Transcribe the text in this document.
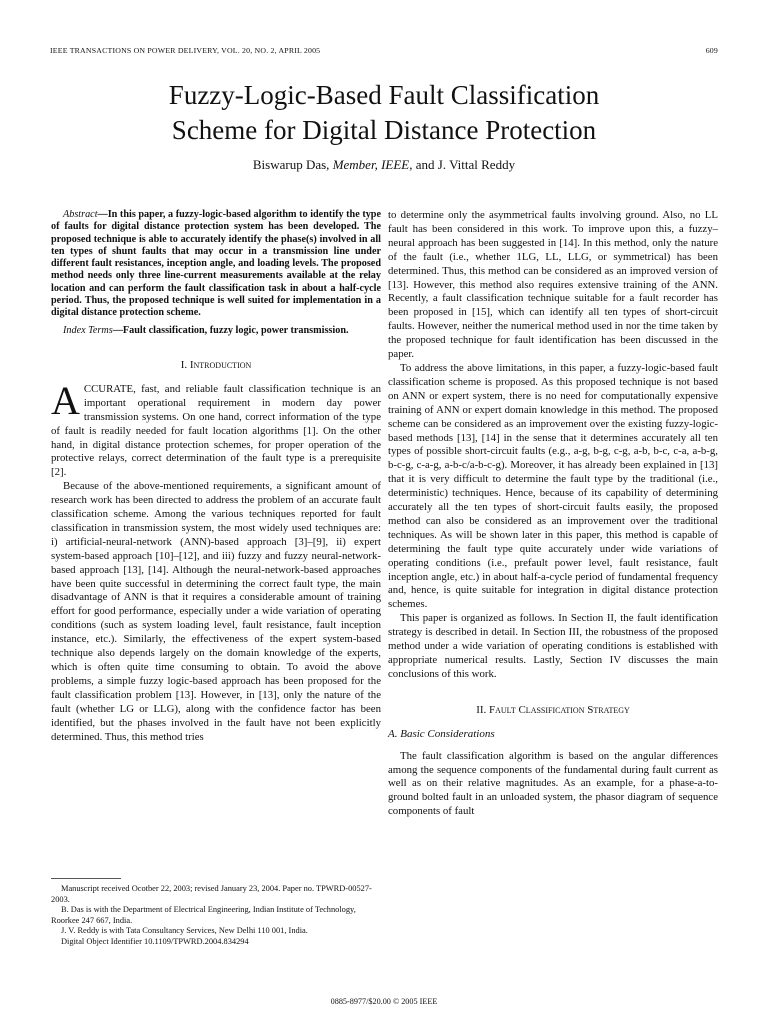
IEEE TRANSACTIONS ON POWER DELIVERY, VOL. 20, NO. 2, APRIL 2005	609
Fuzzy-Logic-Based Fault Classification
Scheme for Digital Distance Protection
Biswarup Das, Member, IEEE, and J. Vittal Reddy

Abstract—In this paper, a fuzzy-logic-based algorithm to identify the type of faults for digital distance protection system has been developed. The proposed technique is able to accurately identify the phase(s) involved in all ten types of shunt faults that may occur in a transmission line under different fault resistances, inception angle, and loading levels. The proposed method needs only three line-current measurements available at the relay location and can perform the fault classification task in about a half-cycle period. Thus, the proposed technique is well suited for implementation in a digital distance protection scheme.

Index Terms—Fault classification, fuzzy logic, power transmission.

I. Introduction

ACCURATE, fast, and reliable fault classification technique is an important operational requirement in modern day power transmission systems. On one hand, correct information of the type of fault is readily needed for fault location algorithms [1]. On the other hand, in digital distance protection schemes, for proper operation of the protective relays, correct determination of the fault type is a prerequisite [2].

Because of the above-mentioned requirements, a significant amount of research work has been directed to address the problem of an accurate fault classification scheme. Among the various techniques reported for fault classification in transmission system, the most widely used techniques are: i) artificial-neural-network (ANN)-based approach [3]–[9], ii) expert system-based approach [10]–[12], and iii) fuzzy and fuzzy neural-network-based approach [13], [14]. Although the neural-network-based approaches have been quite successful in determining the correct fault type, the main disadvantage of ANN is that it requires a considerable amount of training effort for good performance, especially under a wide variation of operating conditions (such as system loading level, fault resistance, fault inception instance, etc.). Similarly, the effectiveness of the expert system-based technique also depends largely on the domain knowledge of the experts, which is often quite time consuming to obtain. To avoid the above problems, a simple fuzzy logic-based approach has been proposed for the fault classification problem [13]. However, in [13], only the nature of the fault (whether LG or LLG), along with the confidence factor has been identified, but the phases involved in the fault have not been explicitly determined. Thus, this method tries

Manuscript received Ocotber 22, 2003; revised January 23, 2004. Paper no. TPWRD-00527-2003.

B. Das is with the Department of Electrical Engineering, Indian Institute of Technology, Roorkee 247 667, India.

J. V. Reddy is with Tata Consultancy Services, New Delhi 110 001, India.

Digital Object Identifier 10.1109/TPWRD.2004.834294

to determine only the asymmetrical faults involving ground. Also, no LL fault has been considered in this work. To improve upon this, a fuzzy–neural approach has been suggested in [14]. In this method, only the nature of the fault (i.e., whether 1LG, LL, LLG, or symmetrical) has been determined. Thus, this method can be considered as an improved version of [13]. However, this method also requires extensive training of the ANN. Recently, a fault classification technique suitable for a fault recorder has been proposed in [15], which can identify all ten types of short-circuit faults. However, neither the numerical method used in nor the time taken by the proposed technique for fault identification has been discussed in the paper.

To address the above limitations, in this paper, a fuzzy-logic-based fault classification scheme is proposed. As this proposed technique is not based on ANN or expert system, there is no need for computationally expensive training of ANN or expert domain knowledge in this method. The proposed scheme can be considered as an improvement over the existing fuzzy-logic-based methods [13], [14] in the sense that it determines accurately all ten types of possible short-circuit faults (e.g., a-g, b-g, c-g, a-b, b-c, c-a, a-b-g, b-c-g, c-a-g, a-b-c/a-b-c-g). Moreover, it has already been explained in [13] that it is very difficult to determine the fault type by the traditional (i.e., deterministic) techniques. Hence, because of its capability of determining accurately all the ten types of short-circuit faults easily, the proposed method can also be considered as an improvement over the traditional techniques. As will be shown later in this paper, this method is capable of determining the fault type quite accurately under wide variations of operating conditions (i.e., prefault power level, fault resistance, fault inception angle, etc.) in about half-a-cycle period of fundamental frequency and, hence, is quite suitable for integration in digital distance protection schemes.

This paper is organized as follows. In Section II, the fault identification strategy is described in detail. In Section III, the robustness of the proposed method under a wide variation of operating conditions is established with appropriate numerical results. Lastly, Section IV discusses the main conclusions of this work.

II. Fault Classification Strategy
A. Basic Considerations

The fault classification algorithm is based on the angular differences among the sequence components of the fundamental during fault current as well as on their relative magnitudes. As an example, for a phase-a-to-ground bolted fault in an unloaded system, the phasor diagram of sequence components of fault

0885-8977/$20.00 © 2005 IEEE
